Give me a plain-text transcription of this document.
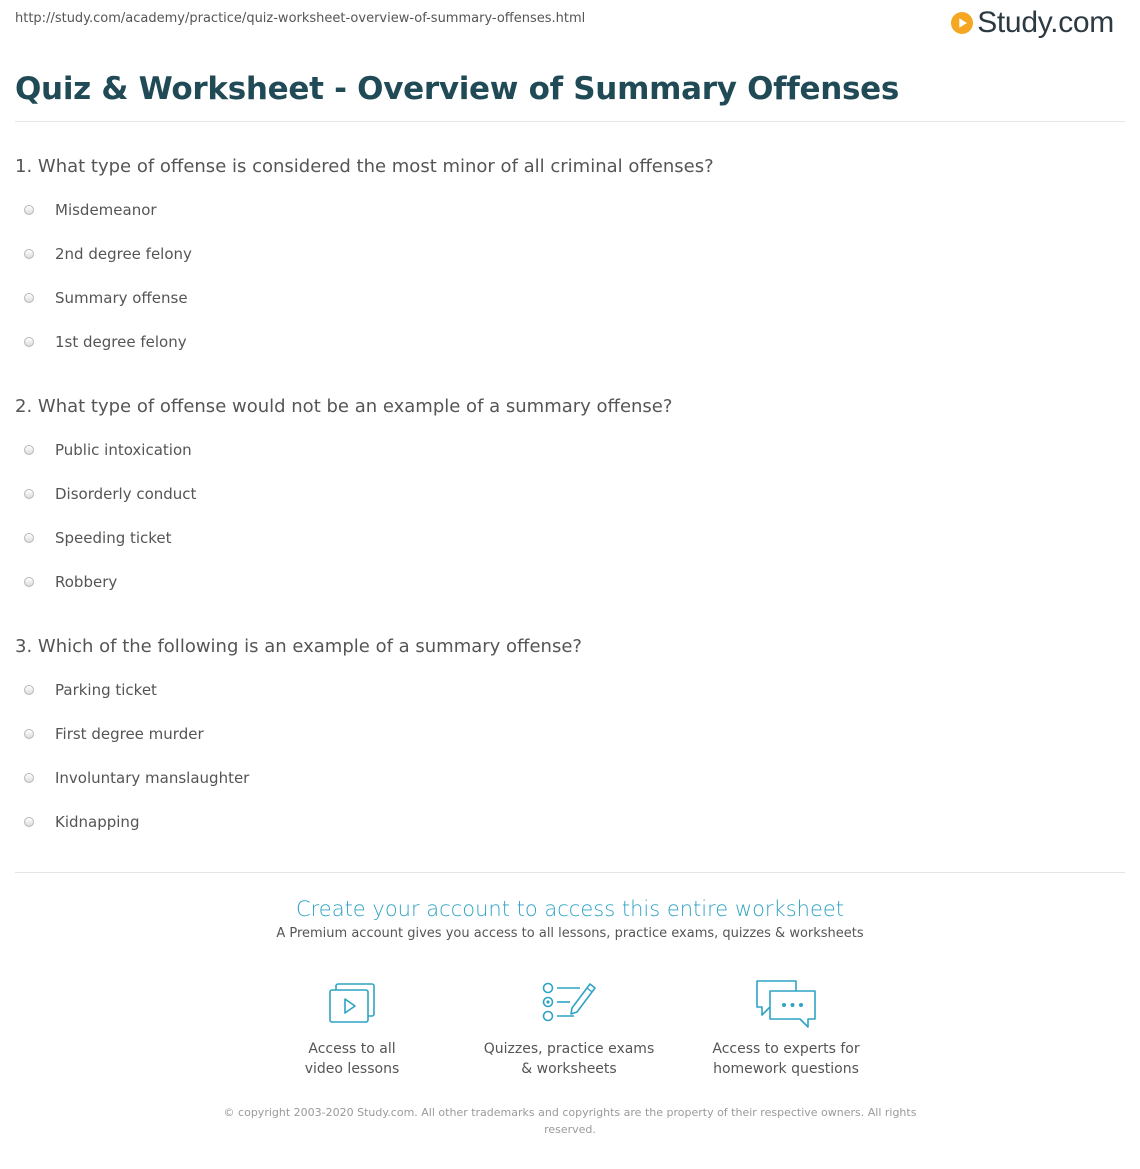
http://study.com/academy/practice/quiz-worksheet-overview-of-summary-offenses.html	Study.com
Quiz & Worksheet - Overview of Summary Offenses
1. What type of offense is considered the most minor of all criminal offenses?
Misdemeanor
2nd degree felony
Summary offense
1st degree felony
2. What type of offense would not be an example of a summary offense?
Public intoxication
Disorderly conduct
Speeding ticket
Robbery
3. Which of the following is an example of a summary offense?
Parking ticket
First degree murder
Involuntary manslaughter
Kidnapping
Create your account to access this entire worksheet
A Premium account gives you access to all lessons, practice exams, quizzes & worksheets
Access to all
video lessons
Quizzes, practice exams
& worksheets
Access to experts for
homework questions
© copyright 2003-2020 Study.com. All other trademarks and copyrights are the property of their respective owners. All rights
reserved.
